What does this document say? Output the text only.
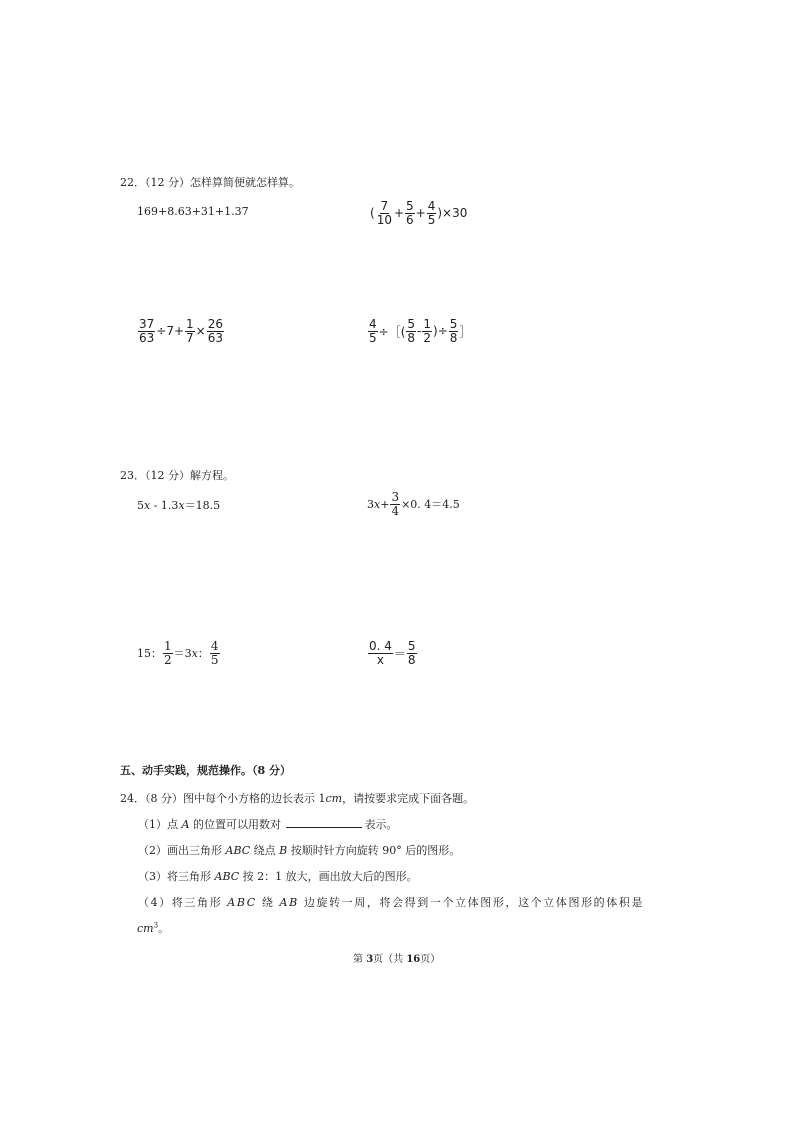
22．（12 分）怎样算简便就怎样算。
169+8.63+31+1.37	( $\frac{7}{10} + \frac{5}{6} + \frac{4}{5} )\times 30$
$\frac{37}{63} \div 7+ \frac{1}{7} \times \frac{26}{63}$	$\frac{4}{5}$ ÷［( $\frac{5}{8} - \frac{1}{2}$ )÷ $\frac{5}{8}$ ］
23．（12 分）解方程。
5x - 1.3x＝18.5	3 $x + \frac{3}{4} \times 0$. 4＝4.5
15： $\frac{1}{2} =3$ x ： $\frac{4}{5}$	$\frac{0. 4}{x} = \frac{5}{8}$
五、动手实践，规范操作。（8 分）
24．（8 分）图中每个小方格的边长表示 1cm，请按要求完成下面各题。
（1）点 A 的位置可以用数对	表示。
（2）画出三角形 ABC 绕点 B 按顺时针方向旋转 90° 后的图形。
（3）将三角形 ABC 按 2：1 放大，画出放大后的图形。
（4）将三角形 ABC 绕 AB 边旋转一周，将会得到一个立体图形，这个立体图形的体积是
$cm^3$。
第 3页（共 16页）
